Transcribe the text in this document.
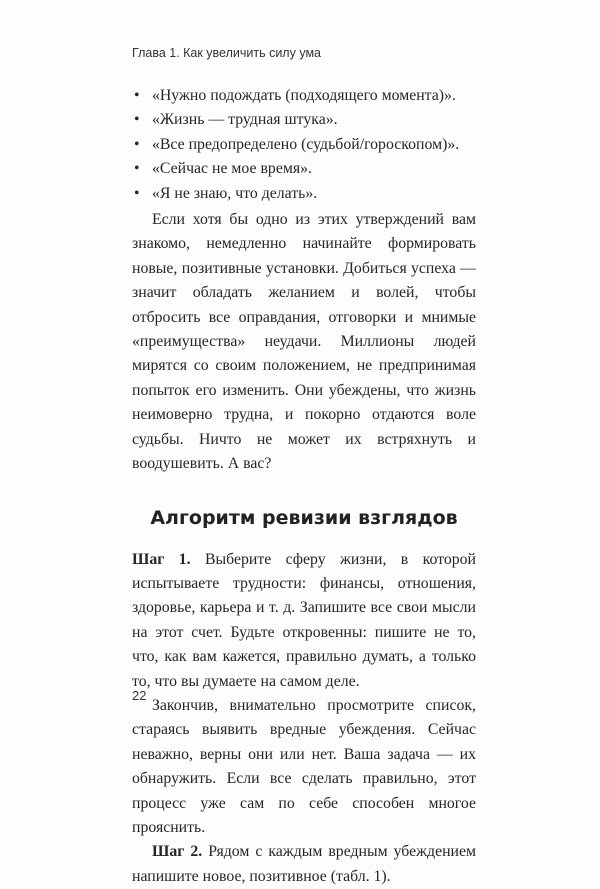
Глава 1. Как увеличить силу ума
• «Нужно подождать (подходящего момента)».
• «Жизнь — трудная штука».
• «Все предопределено (судьбой/гороскопом)».
• «Сейчас не мое время».
• «Я не знаю, что делать».

Если хотя бы одно из этих утверждений вам знакомо, немедленно начинайте формировать новые, позитивные установки. Добиться успеха — значит обладать желанием и волей, чтобы отбросить все оправдания, отговорки и мнимые «преимущества» неудачи. Миллионы людей мирятся со своим положением, не предпринимая попыток его изменить. Они убеждены, что жизнь неимоверно трудна, и покорно отдаются воле судьбы. Ничто не может их встряхнуть и воодушевить. А вас?

Алгоритм ревизии взглядов

Шаг 1. Выберите сферу жизни, в которой испытываете трудности: финансы, отношения, здоровье, карьера и т. д. Запишите все свои мысли на этот счет. Будьте откровенны: пишите не то, что, как вам кажется, правильно думать, а только то, что вы думаете на самом деле.

Закончив, внимательно просмотрите список, стараясь выявить вредные убеждения. Сейчас неважно, верны они или нет. Ваша задача — их обнаружить. Если все сделать правильно, этот процесс уже сам по себе способен многое прояснить.

Шаг 2. Рядом с каждым вредным убеждением напишите новое, позитивное (табл. 1).

22
